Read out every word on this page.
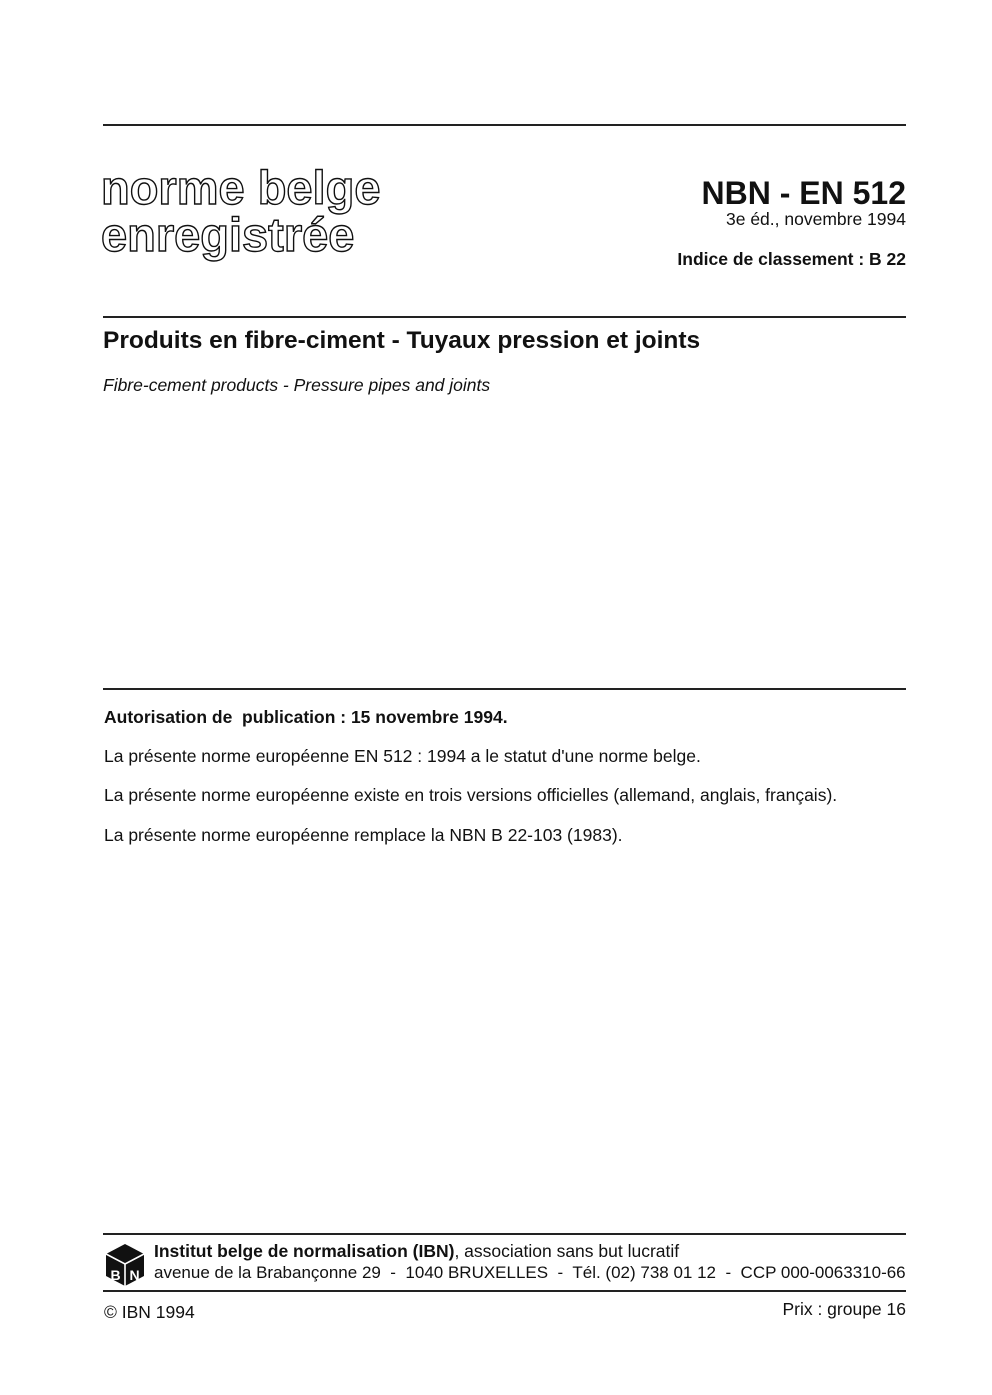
norme belge
enregistrée
NBN - EN 512
3e éd., novembre 1994
Indice de classement : B 22
Produits en fibre-ciment - Tuyaux pression et joints
Fibre-cement products - Pressure pipes and joints
Autorisation de  publication : 15 novembre 1994.
La présente norme européenne EN 512 : 1994 a le statut d'une norme belge.
La présente norme européenne existe en trois versions officielles (allemand, anglais, français).
La présente norme européenne remplace la NBN B 22-103 (1983).
B N
Institut belge de normalisation (IBN), association sans but lucratif
avenue de la Brabançonne 29  -  1040 BRUXELLES  -  Tél. (02) 738 01 12  -  CCP 000-0063310-66
© IBN 1994	Prix : groupe 16
